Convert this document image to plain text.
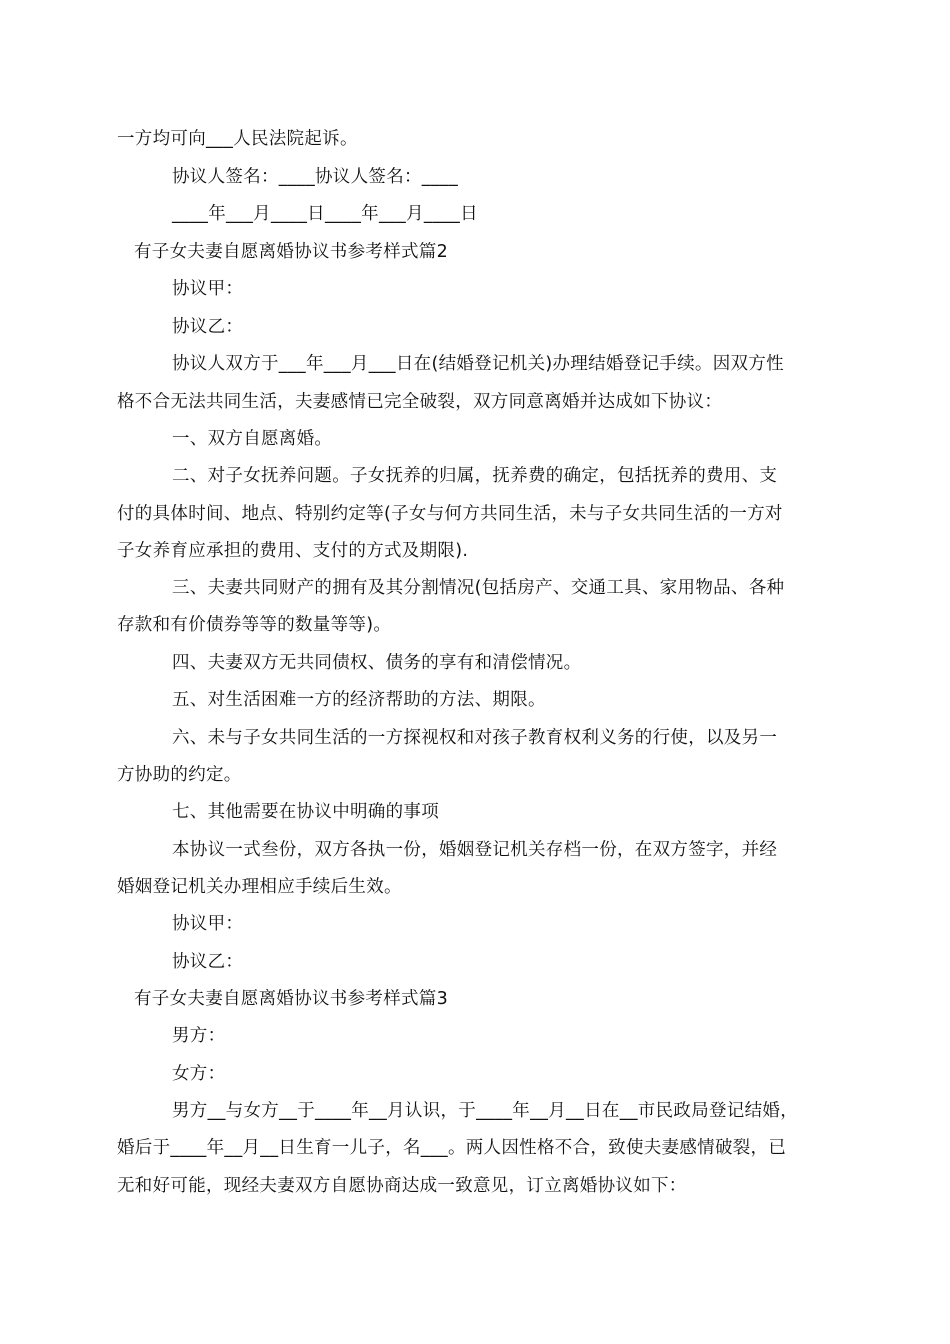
一方均可向___人民法院起诉。
协议人签名：____协议人签名：____
____年___月____日____年___月____日
有子女夫妻自愿离婚协议书参考样式篇2
协议甲：
协议乙：
协议人双方于___年___月___日在(结婚登记机关)办理结婚登记手续。因双方性
格不合无法共同生活，夫妻感情已完全破裂，双方同意离婚并达成如下协议：
一、双方自愿离婚。
二、对子女抚养问题。子女抚养的归属，抚养费的确定，包括抚养的费用、支
付的具体时间、地点、特别约定等(子女与何方共同生活，未与子女共同生活的一方对
子女养育应承担的费用、支付的方式及期限).
三、夫妻共同财产的拥有及其分割情况(包括房产、交通工具、家用物品、各种
存款和有价债券等等的数量等等)。
四、夫妻双方无共同债权、债务的享有和清偿情况。
五、对生活困难一方的经济帮助的方法、期限。
六、未与子女共同生活的一方探视权和对孩子教育权利义务的行使，以及另一
方协助的约定。
七、其他需要在协议中明确的事项
本协议一式叁份，双方各执一份，婚姻登记机关存档一份，在双方签字，并经
婚姻登记机关办理相应手续后生效。
协议甲：
协议乙：
有子女夫妻自愿离婚协议书参考样式篇3
男方：
女方：
男方__与女方__于____年__月认识，于____年__月__日在__市民政局登记结婚，
婚后于____年__月__日生育一儿子，名___。两人因性格不合，致使夫妻感情破裂，已
无和好可能，现经夫妻双方自愿协商达成一致意见，订立离婚协议如下：
